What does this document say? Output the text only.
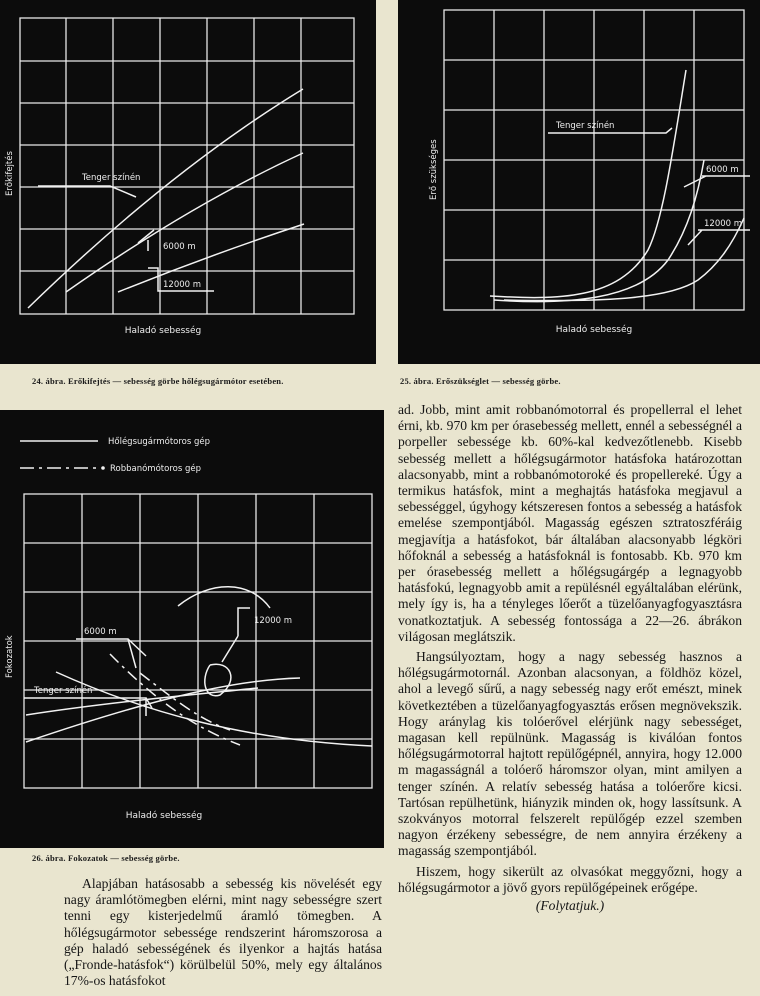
Erőkifejtés
Haladó sebesség
Tenger színén
6000 m
12000 m
24. ábra. Erőkifejtés — sebesség görbe hőlégsugármótor esetében.
Erő szükséges
Haladó sebesség
Tenger színén
6000 m
12000 m
25. ábra. Erőszükséglet — sebesség görbe.
Hőlégsugármótoros gép
Robbanómótoros gép
Fokozatok
Haladó sebesség
6000 m
12000 m
Tenger színén
26. ábra. Fokozatok — sebesség görbe.

Alapjában hatásosabb a sebesség kis növelését egy nagy áramlótömegben elérni, mint nagy sebességre szert tenni egy kisterjedelmű áramló tömegben. A hőlégsugármotor sebessége rendszerint háromszorosa a gép haladó sebességének és ilyenkor a hajtás hatása („Fronde-hatásfok“) körülbelül 50%, mely egy általános 17%-os hatásfokot

ad. Jobb, mint amit robbanómotorral és propellerral el lehet érni, kb. 970 km per órasebesség mellett, ennél a sebességnél a porpeller sebessége kb. 60%-kal kedvezőtlenebb. Kisebb sebesség mellett a hőlégsugármotor hatásfoka határozottan alacsonyabb, mint a robbanómotoroké és propellereké. Úgy a termikus hatásfok, mint a meghajtás hatásfoka megjavul a sebességgel, úgyhogy kétszeresen fontos a sebesség a hatásfok emelése szempontjából. Magasság egészen sztratoszféráig megjavítja a hatásfokot, bár általában alacsonyabb légköri hőfoknál a sebesség a hatásfoknál is fontosabb. Kb. 970 km per órasebesség mellett a hőlégsugárgép a legnagyobb hatásfokú, legnagyobb amit a repülésnél egyáltalában elérünk, mely így is, ha a tényleges lőerőt a tüzelőanyagfogyasztásra vonatkoztatjuk. A sebesség fontossága a 22—26. ábrákon világosan meglátszik.

Hangsúlyoztam, hogy a nagy sebesség hasznos a hőlégsugármotornál. Azonban alacsonyan, a földhöz közel, ahol a levegő sűrű, a nagy sebesség nagy erőt emészt, minek következtében a tüzelőanyagfogyasztás erősen megnövekszik. Hogy aránylag kis tolóerővel elérjünk nagy sebességet, magasan kell repülnünk. Magasság is kiválóan fontos hőlégsugármotorral hajtott repülőgépnél, annyira, hogy 12.000 m magasságnál a tolóerő háromszor olyan, mint amilyen a tenger színén. A relatív sebesség hatása a tolóerőre kicsi. Tartósan repülhetünk, hiányzik minden ok, hogy lassítsunk. A szokványos motorral felszerelt repülőgép ezzel szemben nagyon érzékeny sebességre, de nem annyira érzékeny a magasság szempontjából.

Hiszem, hogy sikerült az olvasókat meggyőzni, hogy a hőlégsugármotor a jövő gyors repülőgépeinek erőgépe.

(Folytatjuk.)
